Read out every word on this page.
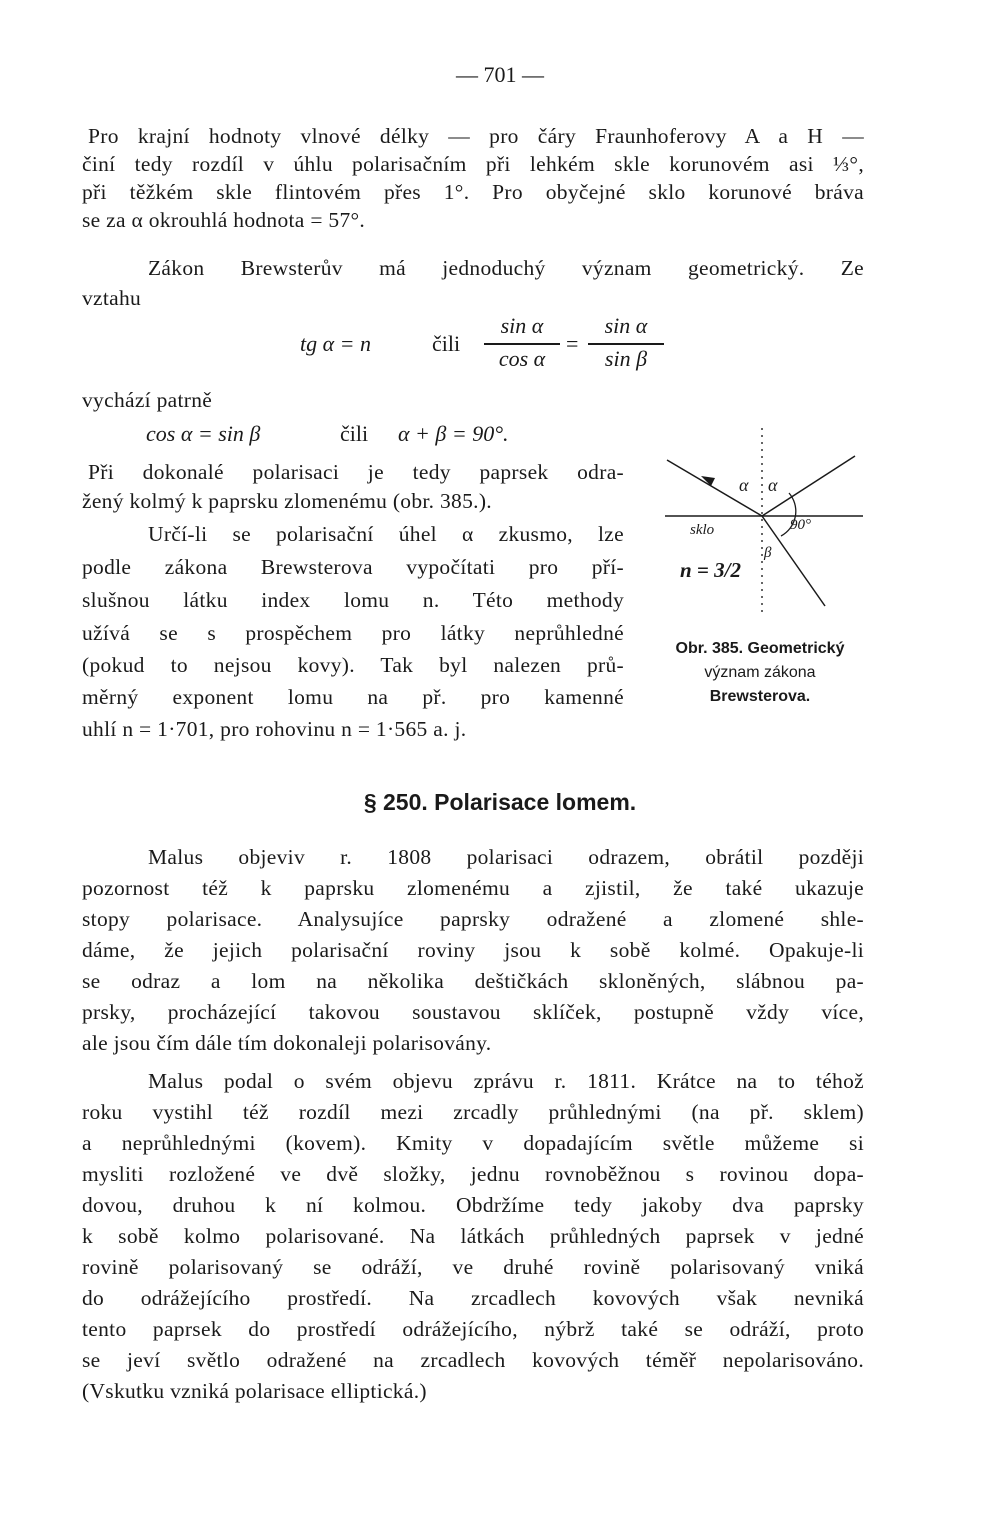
— 701 —
Pro krajní hodnoty vlnové délky — pro čáry Fraunhoferovy A a H —
činí tedy rozdíl v úhlu polarisačním při lehkém skle korunovém asi ⅓°,
při těžkém skle flintovém přes 1°. Pro obyčejné sklo korunové bráva
se za α okrouhlá hodnota = 57°.
Zákon Brewsterův má jednoduchý význam geometrický. Ze
vztahu
tg α = n	čili
sin α
cos α
=
sin α
sin β
vychází patrně
cos α = sin β	čili α + β = 90°.
Při dokonalé polarisaci je tedy paprsek odra-
žený kolmý k paprsku zlomenému (obr. 385.).
Určí-li se polarisační úhel α zkusmo, lze
podle zákona Brewsterova vypočítati pro pří-
slušnou látku index lomu n. Této methody
užívá se s prospěchem pro látky neprůhledné
(pokud to nejsou kovy). Tak byl nalezen prů-
měrný exponent lomu na př. pro kamenné
uhlí n = 1·701, pro rohovinu n = 1·565 a. j.
α α
sklo	90°
β
n = 3/2
Obr. 385. Geometrický
význam zákona
Brewsterova.
§ 250. Polarisace lomem.
Malus objeviv r. 1808 polarisaci odrazem, obrátil později
pozornost též k paprsku zlomenému a zjistil, že také ukazuje
stopy polarisace. Analysujíce paprsky odražené a zlomené shle-
dáme, že jejich polarisační roviny jsou k sobě kolmé. Opakuje-li
se odraz a lom na několika deštičkách skloněných, slábnou pa-
prsky, procházející takovou soustavou sklíček, postupně vždy více,
ale jsou čím dále tím dokonaleji polarisovány.
Malus podal o svém objevu zprávu r. 1811. Krátce na to téhož
roku vystihl též rozdíl mezi zrcadly průhlednými (na př. sklem)
a neprůhlednými (kovem). Kmity v dopadajícím světle můžeme si
mysliti rozložené ve dvě složky, jednu rovnoběžnou s rovinou dopa-
dovou, druhou k ní kolmou. Obdržíme tedy jakoby dva paprsky
k sobě kolmo polarisované. Na látkách průhledných paprsek v jedné
rovině polarisovaný se odráží, ve druhé rovině polarisovaný vniká
do odrážejícího prostředí. Na zrcadlech kovových však nevniká
tento paprsek do prostředí odrážejícího, nýbrž také se odráží, proto
se jeví světlo odražené na zrcadlech kovových téměř nepolarisováno.
(Vskutku vzniká polarisace elliptická.)
